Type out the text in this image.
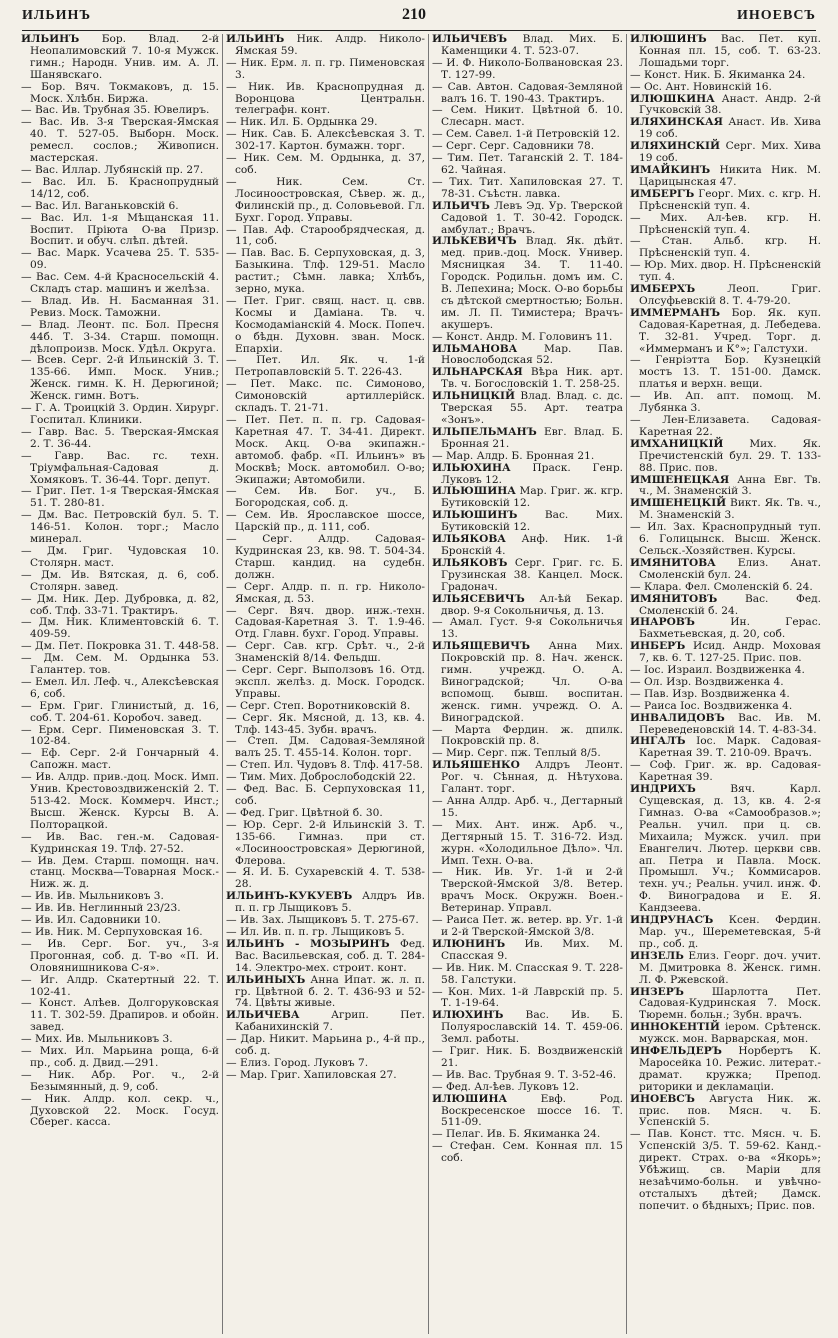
ИЛЬИНЪ	210	ИНОЕВСЪ

ИЛЬИНЪ Бор. Влад. 2-й Неопалимовский 7. 10-я Мужск. гимн.; Народн. Унив. им. А. Л. Шанявскаго.

— Бор. Вяч. Токмаковъ, д. 15. Моск. Хлѣбн. Биржа.

— Вас. Ив. Трубная 35. Ювелиръ.

— Вас. Ив. 3-я Тверская-Ямская 40. Т. 527-05. Выборн. Моск. ремесл. сослов.; Живописн. мастерская.

— Вас. Иллар. Лубянскій пр. 27.

— Вас. Ил. Б. Краснопрудный 14/12, соб.

— Вас. Ил. Ваганьковскій 6.

— Вас. Ил. 1-я Мѣщанская 11. Воспит. Пріюта О-ва Призр. Воспит. и обуч. слѣп. дѣтей.

— Вас. Марк. Усачева 25. Т. 535-09.

— Вас. Сем. 4-й Красносельскій 4. Складъ стар. машинъ и желѣза.

— Влад. Ив. Н. Басманная 31. Ревиз. Моск. Таможни.

— Влад. Леонт. пс. Бол. Пресня 44б. Т. 3-34. Старш. помощн. дѣлопроизв. Моск. Удѣл. Округа.

— Всев. Серг. 2-й Ильинскій 3. Т. 135-66. Имп. Моск. Унив.; Женск. гимн. К. Н. Дерюгиной; Женск. гимн. Вотъ.

— Г. А. Троицкій 3. Ордин. Хирург. Госпитал. Клиники.

— Гавр. Вас. 5. Тверская-Ямская 2. Т. 36-44.

— Гавр. Вас. гс. техн. Тріумфальная-Садовая д. Хомяковъ. Т. 36-44. Торг. депут.

— Григ. Пет. 1-я Тверская-Ямская 51. Т. 280-81.

— Дм. Вас. Петровскій бул. 5. Т. 146-51. Колон. торг.; Масло минерал.

— Дм. Григ. Чудовская 10. Столярн. маст.

— Дм. Ив. Вятская, д. 6, соб. Столярн. завед.

— Дм. Ник. Дер. Дубровка, д. 82, соб. Тлф. 33-71. Трактиръ.

— Дм. Ник. Климентовскій 6. Т. 409-59.

— Дм. Пет. Покровка 31. Т. 448-58.

— Дм. Сем. М. Ордынка 53. Галантер. тов.

— Емел. Ил. Леф. ч., Алексѣевская 6, соб.

— Ерм. Григ. Глинистый, д. 16, соб. Т. 204-61. Коробоч. завед.

— Ерм. Серг. Пименовская 3. Т. 102-84.

— Еф. Серг. 2-й Гончарный 4. Сапожн. маст.

— Ив. Алдр. прив.-доц. Моск. Имп. Унив. Крестовоздвиженскій 2. Т. 513-42. Моск. Коммерч. Инст.; Высш. Женск. Курсы В. А. Полторацкой.

— Ив. Вас. ген.-м. Садовая-Кудринская 19. Тлф. 27-52.

— Ив. Дем. Старш. помощн. нач. станц. Москва—Товарная Моск.-Ниж. ж. д.

— Ив. Ив. Мыльниковъ 3.

— Ив. Ив. Неглинный 23/23.

— Ив. Ил. Садовники 10.

— Ив. Ник. М. Серпуховская 16.

— Ив. Серг. Бог. уч., 3-я Прогонная, соб. д. Т-во «П. И. Оловянишникова С-я».

— Иг. Алдр. Скатертный 22. Т. 102-41.

— Конст. Алѣев. Долгоруковская 11. Т. 302-59. Драпиров. и обойн. завед.

— Мих. Ив. Мыльниковъ 3.

— Мих. Ил. Марьина роща, 6-й пр., соб. д. Двид.—291.

— Ник. Абр. Рог. ч., 2-й Безымянный, д. 9, соб.

— Ник. Алдр. кол. секр. ч., Духовской 22. Моск. Госуд. Сберег. касса.

ИЛЬИНЪ Ник. Алдр. Николо-Ямская 59.

— Ник. Ерм. л. п. гр. Пименовская 3.

— Ник. Ив. Краснопрудная д. Воронцова Центральн. телеграфн. конт.

— Ник. Ил. Б. Ордынка 29.

— Ник. Сав. Б. Алексѣевская 3. Т. 302-17. Картон. бумажн. торг.

— Ник. Сем. М. Ордынка, д. 37, соб.

— Ник. Сем. Ст. Лосиноостровская, Сѣвер. ж. д., Филинскій пр., д. Соловьевой. Гл. Бухг. Город. Управы.

— Пав. Аф. Старообрядческая, д. 11, соб.

— Пав. Вас. Б. Серпуховская, д. 3, Базыкина. Тлф. 129-51. Масло растит.; Сѣмн. лавка; Хлѣбъ, зерно, мука.

— Пет. Григ. свящ. наст. ц. свв. Космы и Даміана. Тв. ч. Космодаміанскій 4. Моск. Попеч. о бѣдн. Духовн. зван. Моск. Епархіи.

— Пет. Ил. Як. ч. 1-й Петропавловскій 5. Т. 226-43.

— Пет. Макс. пс. Симоново, Симоновскій артиллерійск. складъ. Т. 21-71.

— Пет. Пет. п. п. гр. Садовая-Каретная 47. Т. 34-41. Директ. Моск. Акц. О-ва экипажн.-автомоб. фабр. «П. Ильинъ» въ Москвѣ; Моск. автомобил. О-во; Экипажи; Автомобили.

— Сем. Ив. Бог. уч., Б. Богородская, соб. д.

— Сем. Ив. Ярославское шоссе, Царскій пр., д. 111, соб.

— Серг. Алдр. Садовая-Кудринская 23, кв. 98. Т. 504-34. Старш. кандид. на судебн. должн.

— Серг. Алдр. п. п. гр. Николо-Ямская, д. 53.

— Серг. Вяч. двор. инж.-техн. Садовая-Каретная 3. Т. 1.9-46. Отд. Главн. бухг. Город. Управы.

— Серг. Сав. кгр. Срѣт. ч., 2-й Знаменскій 8/14. Фельдш.

— Серг. Серг. Выползовъ 16. Отд. экспл. желѣз. д. Моск. Городск. Управы.

— Серг. Степ. Воротниковскій 8.

— Серг. Як. Мясной, д. 13, кв. 4. Тлф. 143-45. Зубн. врачъ.

— Степ. Дм. Садовая-Земляной валъ 25. Т. 455-14. Колон. торг.

— Степ. Ил. Чудовъ 8. Тлф. 417-58.

— Тим. Мих. Доброслободскій 22.

— Фед. Вас. Б. Серпуховская 11, соб.

— Фед. Григ. Цвѣтной б. 30.

— Юр. Серг. 2-й Ильинскій 3. Т. 135-66. Гимназ. при ст. «Лосиноостровская» Дерюгиной, Флерова.

— Я. И. Б. Сухаревскій 4. Т. 538-28.

ИЛЬИНЪ-КУКУЕВЪ Алдръ Ив. п. п. гр Лыщиковъ 5.

— Ив. Зах. Лыщиковъ 5. Т. 275-67.

— Ил. Ив. п. п. гр. Лыщиковъ 5.

ИЛЬИНЪ - МОЗЫРИНЪ Фед. Вас. Васильевская, соб. д. Т. 284-14. Электро-мех. строит. конт.

ИЛЬИНЫХЪ Анна Ипат. ж. л. п. гр. Цвѣтной б. 2. Т. 436-93 и 52-74. Цвѣты живые.

ИЛЬИЧЕВА Агрип. Пет. Кабанихинскій 7.

— Дар. Никит. Марьина р., 4-й пр., соб. д.

— Елиз. Город. Луковъ 7.

— Мар. Григ. Хапиловская 27.

ИЛЬИЧЕВЪ Влад. Мих. Б. Каменщики 4. Т. 523-07.

— И. Ф. Николо-Болвановская 23. Т. 127-99.

— Сав. Автон. Садовая-Земляной валъ 16. Т. 190-43. Трактиръ.

— Сем. Никит. Цвѣтной б. 10. Слесарн. маст.

— Сем. Савел. 1-й Петровскій 12.

— Серг. Серг. Садовники 78.

— Тим. Пет. Таганскій 2. Т. 184-62. Чайная.

— Тих. Тит. Хапиловская 27. Т. 78-31. Съѣстн. лавка.

ИЛЬИЧЪ Левъ Эд. Ур. Тверской Садовой 1. Т. 30-42. Городск. амбулат.; Врачъ.

ИЛЬКЕВИЧЪ Влад. Як. дѣйт. мед. прив.-доц. Моск. Универ. Мясницкая 34. Т. 11-40. Городск. Родильн. домъ им. С. В. Лепехина; Моск. О-во борьбы съ дѣтской смертностью; Больн. им. Л. П. Тимистера; Врачъ-акушеръ.

— Конст. Андр. М. Головинъ 11.

ИЛЬМАНОВА Мар. Пав. Новослободская 52.

ИЛЬНАРСКАЯ Вѣра Ник. арт. Тв. ч. Богословскій 1. Т. 258-25.

ИЛЬНИЦКІЙ Влад. Влад. с. дс. Тверская 55. Арт. театра «Зонъ».

ИЛЬПЕЛЬМАНЪ Евг. Влад. Б. Бронная 21.

— Мар. Алдр. Б. Бронная 21.

ИЛЬЮХИНА Праск. Генр. Луковъ 12.

ИЛЬЮШИНА Мар. Григ. ж. кгр. Бутиковскій 12.

ИЛЬЮШИНЪ Вас. Мих. Бутиковскій 12.

ИЛЬЯКОВА Анф. Ник. 1-й Бронскій 4.

ИЛЬЯКОВЪ Серг. Григ. гс. Б. Грузинская 38. Канцел. Моск. Градонач.

ИЛЬЯСЕВИЧЪ Ал-ѣй Бекар. двор. 9-я Сокольничья, д. 13.

— Амал. Густ. 9-я Сокольничья 13.

ИЛЬЯЩЕВИЧЪ Анна Мих. Покровскій пр. 8. Нач. женск. гимн. учрежд. О. А. Виноградской; Чл. О-ва вспомощ. бывш. воспитан. женск. гимн. учрежд. О. А. Виноградской.

— Марта Фердин. ж. дпилк. Покровскій пр. 8.

— Мир. Серг. пж. Теплый 8/5.

ИЛЬЯШЕНКО Алдръ Леонт. Рог. ч. Сѣнная, д. Нѣтухова. Галант. торг.

— Анна Алдр. Арб. ч., Дегтарный 15.

— Мих. Ант. инж. Арб. ч., Дегтярный 15. Т. 316-72. Изд. журн. «Холодильное Дѣло». Чл. Имп. Техн. О-ва.

— Ник. Ив. Уг. 1-й и 2-й Тверской-Ямской 3/8. Ветер. врачъ Моск. Окружн. Воен.-Ветеринар. Управл.

— Раиса Пет. ж. ветер. вр. Уг. 1-й и 2-й Тверской-Ямской 3/8.

ИЛЮНИНЪ Ив. Мих. М. Спасская 9.

— Ив. Ник. М. Спасская 9. Т. 228-58. Галстуки.

— Кон. Мих. 1-й Лаврскій пр. 5. Т. 1-19-64.

ИЛЮХИНЪ Вас. Ив. Б. Полуярославскій 14. Т. 459-06. Земл. работы.

— Григ. Ник. Б. Воздвиженскій 21.

— Ив. Вас. Трубная 9. Т. 3-52-46.

— Фед. Ал-ѣев. Луковъ 12.

ИЛЮШИНА Евф. Род. Воскресенское шоссе 16. Т. 511-09.

— Пелаг. Ив. Б. Якиманка 24.

— Стефан. Сем. Конная пл. 15 соб.

ИЛЮШИНЪ Вас. Пет. куп. Конная пл. 15, соб. Т. 63-23. Лошадьми торг.

— Конст. Ник. Б. Якиманка 24.

— Ос. Ант. Новинскій 16.

ИЛЮШКИНА Анаст. Андр. 2-й Гучковскій 38.

ИЛЯХИНСКАЯ Анаст. Ив. Хива 19 соб.

ИЛЯХИНСКІЙ Серг. Мих. Хива 19 соб.

ИМАЙКИНЪ Никита Ник. М. Царицынская 47.

ИМБЕРГЪ Георг. Мих. с. кгр. Н. Прѣсненскій туп. 4.

— Мих. Ал-ѣев. кгр. Н. Прѣсненскій туп. 4.

— Стан. Альб. кгр. Н. Прѣсненскій туп. 4.

— Юр. Мих. двор. Н. Прѣсненскій туп. 4.

ИМБЕРХЪ Леоп. Григ. Олсуфьевскій 8. Т. 4-79-20.

ИММЕРМАНЪ Бор. Як. куп. Садовая-Каретная, д. Лебедева. Т. 32-81. Учред. Торг. д. «Иммерманъ и К°»; Галстухи.

— Генріэтта Бор. Кузнецкій мостъ 13. Т. 151-00. Дамск. платья и верхн. вещи.

— Ив. Ап. апт. помощ. М. Лубянка 3.

— Лен-Елизавета. Садовая-Каретная 22.

ИМХАНИЦКІЙ Мих. Як. Пречистенскій бул. 29. Т. 133-88. Прис. пов.

ИМШЕНЕЦКАЯ Анна Евг. Тв. ч., М. Знаменскій 3.

ИМШЕНЕЦКІЙ Викт. Як. Тв. ч., М. Знаменскій 3.

— Ил. Зах. Краснопрудный туп. 6. Голицынск. Высш. Женск. Сельск.-Хозяйствен. Курсы.

ИМЯНИТОВА Елиз. Анат. Смоленскій бул. 24.

— Клара. Фел. Смоленскій б. 24.

ИМЯНИТОВЪ Вас. Фед. Смоленскій б. 24.

ИНАРОВЪ Ин. Герас. Бахметьевская, д. 20, соб.

ИНБЕРЪ Исид. Андр. Моховая 7, кв. 6. Т. 127-25. Прис. пов.

— Іос. Израил. Воздвиженка 4.

— Ол. Изр. Воздвиженка 4.

— Пав. Изр. Воздвиженка 4.

— Раиса Іос. Воздвиженка 4.

ИНВАЛИДОВЪ Вас. Ив. М. Переведеновскій 14. Т. 4-83-34.

ИНГАЛЪ Іос. Марк. Садовая-Каретная 39. Т. 210-09. Врачъ.

— Соф. Григ. ж. вр. Садовая-Каретная 39.

ИНДРИХЪ Вяч. Карл. Сущевская, д. 13, кв. 4. 2-я Гимназ. О-ва «Самообразов.»; Реальн. учил. при ц. св. Михаила; Мужск. учил. при Евангелич. Лютер. церкви свв. ап. Петра и Павла. Моск. Промышл. Уч.; Коммисаров. техн. уч.; Реальн. учил. инж. Ф. Ф. Виноградова и Е. Я. Кандзеева.

ИНДРУНАСЪ Ксен. Фердин. Мар. уч., Шереметевская, 5-й пр., соб. д.

ИНЗЕЛЬ Елиз. Георг. доч. учит. М. Дмитровка 8. Женск. гимн. Л. Ф. Ржевской.

ИНЗЕРЪ Шарлотта Пет. Садовая-Кудринская 7. Моск. Тюремн. больн.; Зубн. врачъ.

ИННОКЕНТІЙ іером. Срѣтенск. мужск. мон. Варварская, мон.

ИНФЕЛЬДЕРЪ Норбертъ К. Маросейка 10. Режис. литерат.-драмат. кружка; Препод. риторики и декламаціи.

ИНОЕВСЪ Августа Ник. ж. прис. пов. Мясн. ч. Б. Успенскій 5.

— Пав. Конст. ттс. Мясн. ч. Б. Успенскій 3/5. Т. 59-62. Канд.-директ. Страх. о-ва «Якорь»; Убѣжищ. св. Маріи для незаѣчимо-больн. и увѣчно-отсталыхъ дѣтей; Дамск. попечит. о бѣдныхъ; Прис. пов.
